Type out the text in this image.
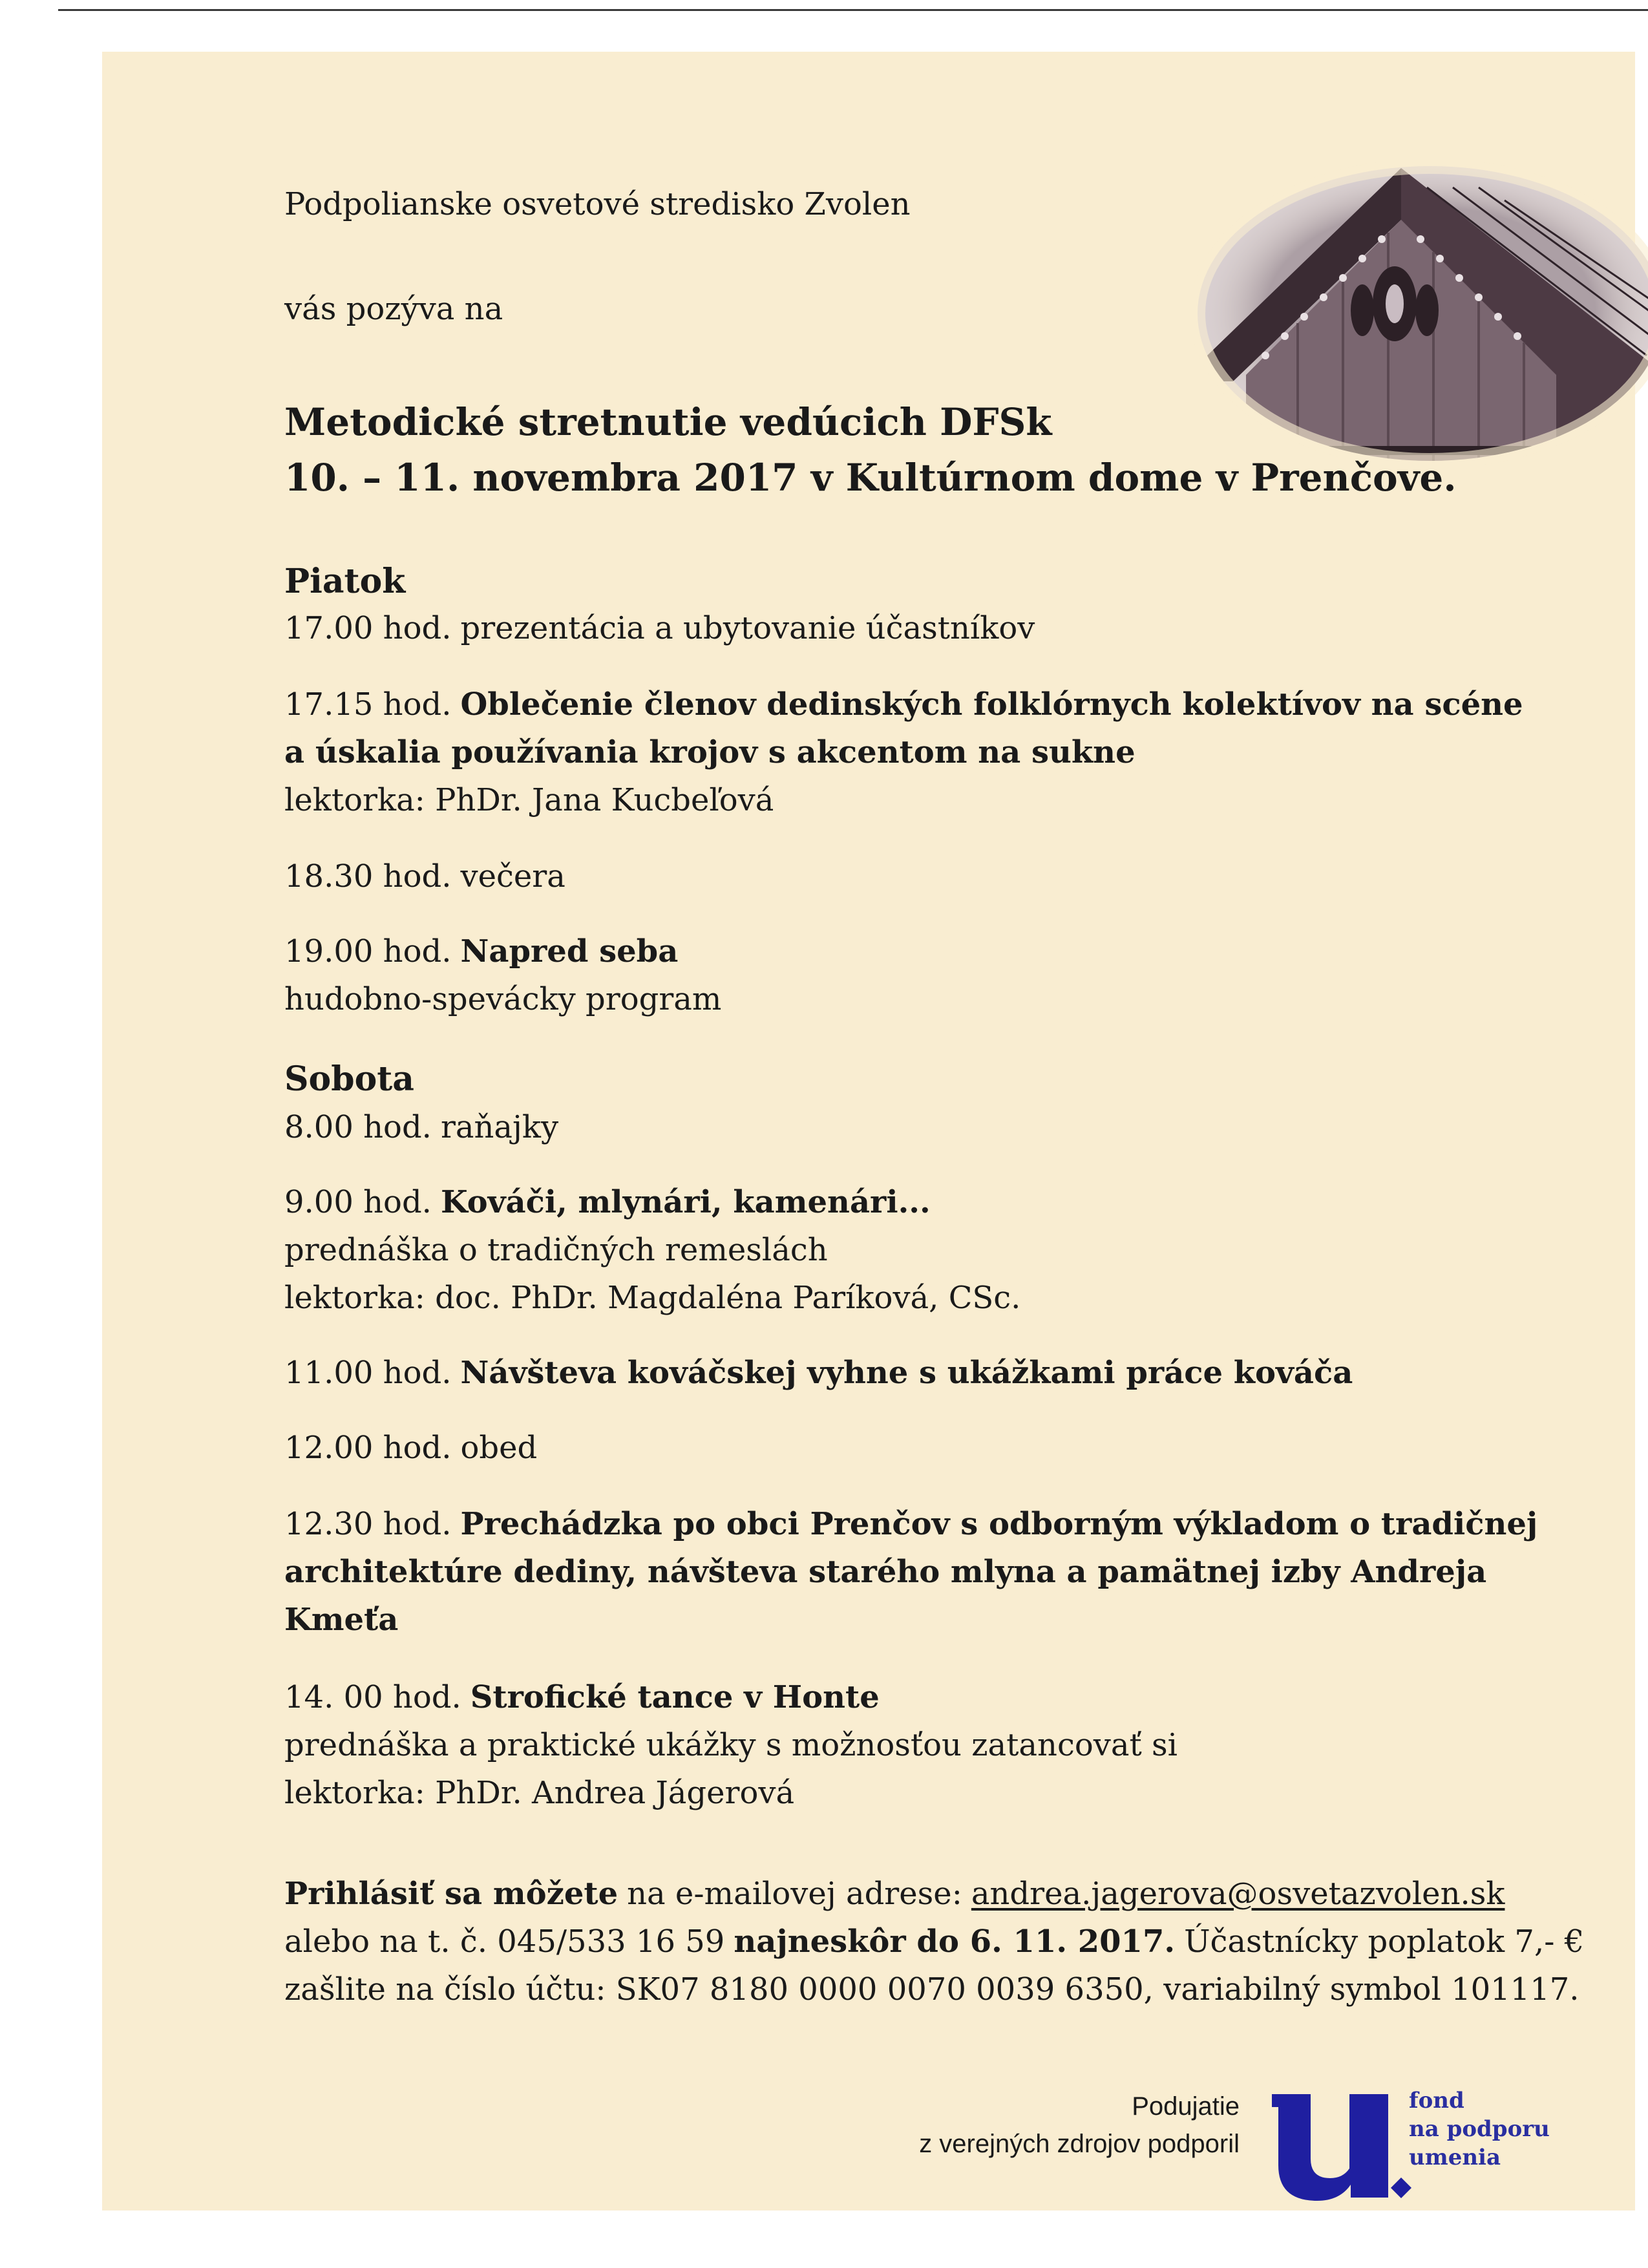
Podpolianske osvetové stredisko Zvolen
vás pozýva na
Metodické stretnutie vedúcich DFSk
10. – 11. novembra 2017 v Kultúrnom dome v Prenčove.
Piatok
17.00 hod. prezentácia a ubytovanie účastníkov
17.15 hod. Oblečenie členov dedinských folklórnych kolektívov na scéne
a úskalia používania krojov s akcentom na sukne
lektorka: PhDr. Jana Kucbeľová
18.30 hod. večera
19.00 hod. Napred seba
hudobno-spevácky program
Sobota
8.00 hod. raňajky
9.00 hod. Kováči, mlynári, kamenári...
prednáška o tradičných remeslách
lektorka: doc. PhDr. Magdaléna Paríková, CSc.
11.00 hod. Návšteva kováčskej vyhne s ukážkami práce kováča
12.00 hod. obed
12.30 hod. Prechádzka po obci Prenčov s odborným výkladom o tradičnej
architektúre dediny, návšteva starého mlyna a pamätnej izby Andreja
Kmeťa
14. 00 hod. Strofické tance v Honte
prednáška a praktické ukážky s možnosťou zatancovať si
lektorka: PhDr. Andrea Jágerová
Prihlásiť sa môžete na e-mailovej adrese: andrea.jagerova@osvetazvolen.sk
alebo na t. č. 045/533 16 59 najneskôr do 6. 11. 2017. Účastnícky poplatok 7,- €
zašlite na číslo účtu: SK07 8180 0000 0070 0039 6350, variabilný symbol 101117.
Podujatie
z verejných zdrojov podporil
fond
na podporu
umenia
